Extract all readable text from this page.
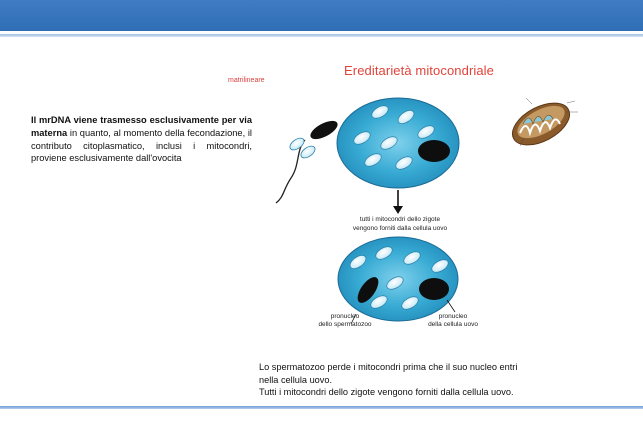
matrilineare
Ereditarietà mitocondriale
Il mrDNA viene trasmesso esclusivamente per via materna in quanto, al momento della fecondazione, il contributo citoplasmatico, inclusi i mitocondri, proviene esclusivamente dall'ovocita
tutti i mitocondri dello zigote
vengono forniti dalla cellula uovo
pronucleo
dello spermatozoo
pronucleo
della cellula uovo
Lo spermatozoo perde i mitocondri prima che il suo nucleo entri
nella cellula uovo.
Tutti i mitocondri dello zigote vengono forniti dalla cellula uovo.
